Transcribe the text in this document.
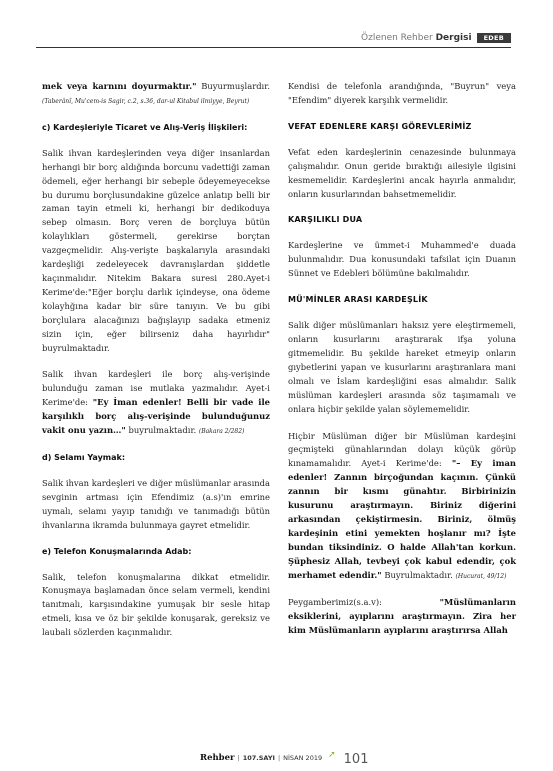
Özlenen Rehber Dergisi	EDEB

mek veya karnını doyurmaktır." Buyurmuşlardır. (Taberânî, Mu'cem-is Sagir, c.2, s.36, dar-ul Kitabul ilmiyye, Beyrut)

c) Kardeşleriyle Ticaret ve Alış-Veriş İlişkileri:

Salik ihvan kardeşlerinden veya diğer insanlardan herhangi bir borç aldığında borcunu vadettiği zaman ödemeli, eğer herhangi bir sebeple ödeyemeyecekse bu durumu borçlusundakine güzelce anlatıp belli bir zaman tayin etmeli ki, herhangi bir dedikoduya sebep olmasın. Borç veren de borçluya bütün kolaylıkları göstermeli, gerekirse borçtan vazgeçmelidir. Alış-verişte başkalarıyla arasındaki kardeşliği zedeleyecek davranışlardan şiddetle kaçınmalıdır. Nitekim Bakara suresi 280.Ayet-i Kerime'de:"Eğer borçlu darlık içindeyse, ona ödeme kolayhğına kadar bir süre tanıyın. Ve bu gibi borçlulara alacağınızı bağışlayıp sadaka etmeniz sizin için, eğer bilirseniz daha hayırlıdır" buyrulmaktadır.

Salik ihvan kardeşleri ile borç alış-verişinde bulunduğu zaman ise mutlaka yazmalıdır. Ayet-i Kerime'de: "Ey İman edenler! Belli bir vade ile karşılıklı borç alış-verişinde bulunduğunuz vakit onu yazın…" buyrulmaktadır. (Bakara 2/282)

d) Selamı Yaymak:

Salik ihvan kardeşleri ve diğer müslümanlar arasında sevginin artması için Efendimiz (a.s)'ın emrine uymalı, selamı yayıp tanıdığı ve tanımadığı bütün ihvanlarına ikramda bulunmaya gayret etmelidir.

e) Telefon Konuşmalarında Adab:

Salik, telefon konuşmalarına dikkat etmelidir. Konuşmaya başlamadan önce selam vermeli, kendini tanıtmalı, karşısındakine yumuşak bir sesle hitap etmeli, kısa ve öz bir şekilde konuşarak, gereksiz ve laubali sözlerden kaçınmalıdır.

Kendisi de telefonla arandığında, "Buyrun" veya "Efendim" diyerek karşılık vermelidir.

VEFAT EDENLERE KARŞI GÖREVLERİMİZ

Vefat eden kardeşlerinin cenazesinde bulunmaya çalışmalıdır. Onun geride bıraktığı ailesiyle ilgisini kesmemelidir. Kardeşlerini ancak hayırla anmalıdır, onların kusurlarından bahsetmemelidir.

KARŞILIKLI DUA

Kardeşlerine ve ümmet-i Muhammed'e duada bulunmalıdır. Dua konusundaki tafsilat için Duanın Sünnet ve Edebleri bölümüne bakılmalıdır.

MÜ'MİNLER ARASI KARDEŞLİK

Salik diğer müslümanları haksız yere eleştirmemeli, onların kusurlarını araştırarak ifşa yoluna gitmemelidir. Bu şekilde hareket etmeyip onların gıybetlerini yapan ve kusurlarını araştıranlara mani olmalı ve İslam kardeşliğini esas almalıdır. Salik müslüman kardeşleri arasında söz taşımamalı ve onlara hiçbir şekilde yalan söylememelidir.

Hiçbir Müslüman diğer bir Müslüman kardeşini geçmişteki günahlarından dolayı küçük görüp kınamamalıdır. Ayet-i Kerime'de: "– Ey iman edenler! Zannın birçoğundan kaçının. Çünkü zannın bir kısmı günahtır. Birbirinizin kusurunu araştırmayın. Biriniz diğerini arkasından çekiştirmesin. Biriniz, ölmüş kardeşinin etini yemekten hoşlanır mı? İşte bundan tiksindiniz. O halde Allah'tan korkun. Şüphesiz Allah, tevbeyi çok kabul edendir, çok merhamet edendir." Buyrulmaktadır. (Hucurat, 49/12)

Peygamberimiz(s.a.v): "Müslümanların eksiklerini, ayıplarını araştırmayın. Zira her kim Müslümanların ayıplarını araştırırsa Allah

Rehber | 107.SAYI | NİSAN 2019 ➚ 101
